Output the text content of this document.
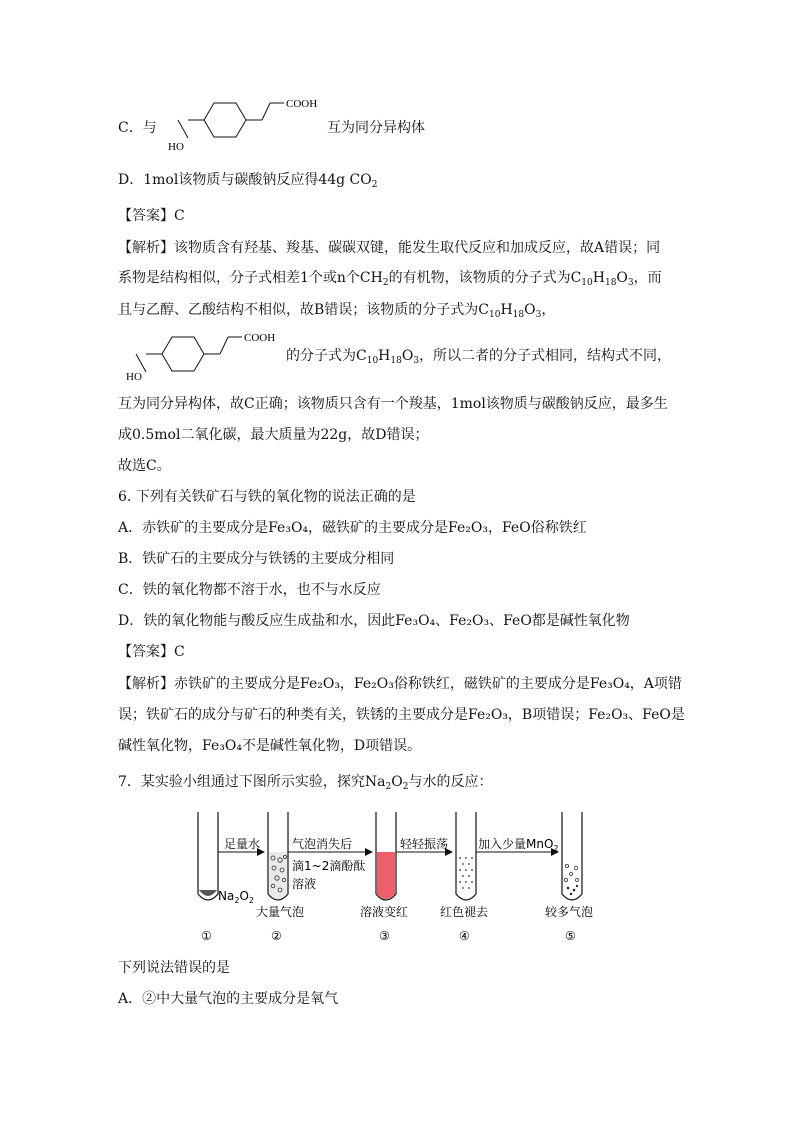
C．与
COOH
HO
互为同分异构体
D．1mol该物质与碳酸钠反应得44g $CO_2$
【答案】C
【解析】该物质含有羟基、羧基、碳碳双键，能发生取代反应和加成反应，故A错误；同
系物是结构相似，分子式相差1个或n个$CH_2$的有机物，该物质的分子式为$C_{10}H_{18}O_3$，而
且与乙醇、乙酸结构不相似，故B错误；该物质的分子式为$C_{10}H_{18}O_3$，
COOH
HO
的分子式为$C_{10}H_{18}O_3$，所以二者的分子式相同，结构式不同，
互为同分异构体，故C正确；该物质只含有一个羧基，1mol该物质与碳酸钠反应，最多生
成0.5mol二氧化碳，最大质量为22g，故D错误；
故选C。
6. 下列有关铁矿石与铁的氧化物的说法正确的是
A．赤铁矿的主要成分是Fe₃O₄，磁铁矿的主要成分是Fe₂O₃，FeO俗称铁红
B．铁矿石的主要成分与铁锈的主要成分相同
C．铁的氧化物都不溶于水，也不与水反应
D．铁的氧化物能与酸反应生成盐和水，因此Fe₃O₄、Fe₂O₃、FeO都是碱性氧化物
【答案】C
【解析】赤铁矿的主要成分是Fe₂O₃，Fe₂O₃俗称铁红，磁铁矿的主要成分是Fe₃O₄，A项错
误；铁矿石的成分与矿石的种类有关，铁锈的主要成分是Fe₂O₃，B项错误；Fe₂O₃、FeO是
碱性氧化物，Fe₃O₄不是碱性氧化物，D项错误。
7．某实验小组通过下图所示实验，探究$Na_2O_2$与水的反应：
$Na_2O_2$
足量水	气泡消失后
滴1~2滴酚酞
溶液
轻轻振荡 加入少量MnO$_2$
大量气泡	溶液变红	红色褪去	较多气泡
①	②	③	④	⑤
下列说法错误的是
A．②中大量气泡的主要成分是氧气
